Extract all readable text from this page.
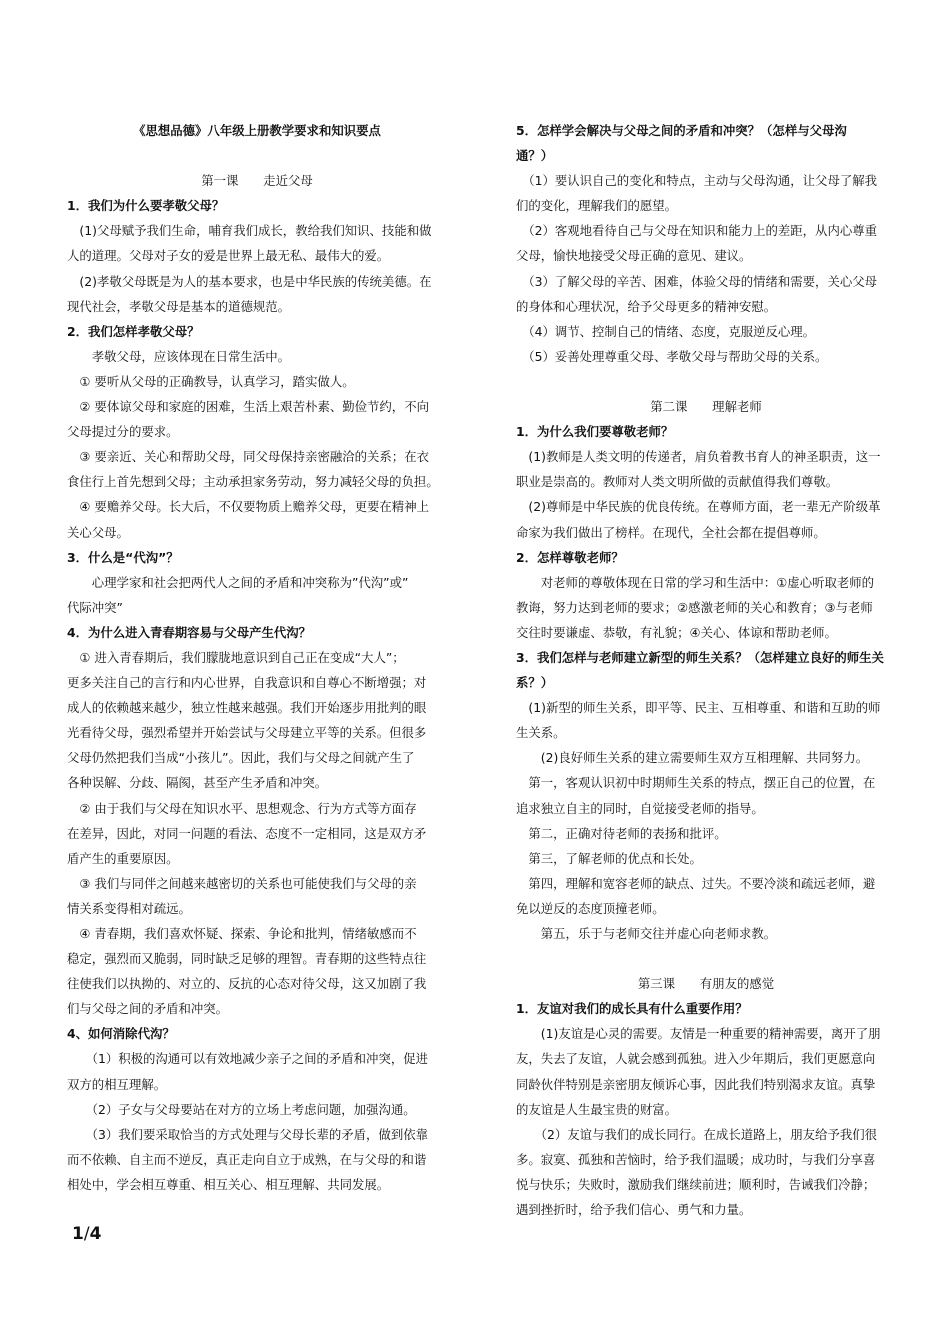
《思想品德》八年级上册教学要求和知识要点
第一课　　走近父母
1．我们为什么要孝敬父母？
　(1)父母赋予我们生命，哺育我们成长，教给我们知识、技能和做
人的道理。父母对子女的爱是世界上最无私、最伟大的爱。
　(2)孝敬父母既是为人的基本要求，也是中华民族的传统美德。在
现代社会，孝敬父母是基本的道德规范。
2．我们怎样孝敬父母？
　　孝敬父母，应该体现在日常生活中。
　① 要听从父母的正确教导，认真学习，踏实做人。
　② 要体谅父母和家庭的困难，生活上艰苦朴素、勤俭节约，不向
父母提过分的要求。
　③ 要亲近、关心和帮助父母，同父母保持亲密融洽的关系；在衣
食住行上首先想到父母；主动承担家务劳动，努力减轻父母的负担。
　④ 要赡养父母。长大后，不仅要物质上赡养父母，更要在精神上
关心父母。
3．什么是“代沟”？
　　心理学家和社会把两代人之间的矛盾和冲突称为”代沟”或”
代际冲突”
4．为什么进入青春期容易与父母产生代沟？
　① 进入青春期后，我们朦胧地意识到自己正在变成“大人”；
更多关注自己的言行和内心世界，自我意识和自尊心不断增强；对
成人的依赖越来越少，独立性越来越强。我们开始逐步用批判的眼
光看待父母，强烈希望并开始尝试与父母建立平等的关系。但很多
父母仍然把我们当成“小孩儿”。因此，我们与父母之间就产生了
各种误解、分歧、隔阂，甚至产生矛盾和冲突。
　② 由于我们与父母在知识水平、思想观念、行为方式等方面存
在差异，因此，对同一问题的看法、态度不一定相同，这是双方矛
盾产生的重要原因。
　③ 我们与同伴之间越来越密切的关系也可能使我们与父母的亲
情关系变得相对疏远。
　④ 青春期，我们喜欢怀疑、探索、争论和批判，情绪敏感而不
稳定，强烈而又脆弱，同时缺乏足够的理智。青春期的这些特点往
往使我们以执拗的、对立的、反抗的心态对待父母，这又加剧了我
们与父母之间的矛盾和冲突。
4、如何消除代沟？
　　（1）积极的沟通可以有效地减少亲子之间的矛盾和冲突，促进
双方的相互理解。
　　（2）子女与父母要站在对方的立场上考虑问题，加强沟通。
　　（3）我们要采取恰当的方式处理与父母长辈的矛盾，做到依靠
而不依赖、自主而不逆反，真正走向自立于成熟，在与父母的和谐
相处中，学会相互尊重、相互关心、相互理解、共同发展。
5．怎样学会解决与父母之间的矛盾和冲突？（怎样与父母沟
通？）
　（1）要认识自己的变化和特点，主动与父母沟通，让父母了解我
们的变化，理解我们的愿望。
　（2）客观地看待自己与父母在知识和能力上的差距，从内心尊重
父母，愉快地接受父母正确的意见、建议。
　（3）了解父母的辛苦、困难，体验父母的情绪和需要，关心父母
的身体和心理状况，给予父母更多的精神安慰。
　（4）调节、控制自己的情绪、态度，克服逆反心理。
　（5）妥善处理尊重父母、孝敬父母与帮助父母的关系。
第二课　　理解老师
1．为什么我们要尊敬老师？
　(1)教师是人类文明的传递者，肩负着教书育人的神圣职责，这一
职业是崇高的。教师对人类文明所做的贡献值得我们尊敬。
　(2)尊师是中华民族的优良传统。在尊师方面，老一辈无产阶级革
命家为我们做出了榜样。在现代，全社会都在提倡尊师。
2．怎样尊敬老师？
　　对老师的尊敬体现在日常的学习和生活中：①虚心听取老师的
教诲，努力达到老师的要求；②感激老师的关心和教育；③与老师
交往时要谦虚、恭敬，有礼貌；④关心、体谅和帮助老师。
3．我们怎样与老师建立新型的师生关系？（怎样建立良好的师生关
系？）
　(1)新型的师生关系，即平等、民主、互相尊重、和谐和互助的师
生关系。
　　(2)良好师生关系的建立需要师生双方互相理解、共同努力。
　第一，客观认识初中时期师生关系的特点，摆正自己的位置，在
追求独立自主的同时，自觉接受老师的指导。
　第二，正确对待老师的表扬和批评。
　第三，了解老师的优点和长处。
　第四，理解和宽容老师的缺点、过失。不要冷淡和疏远老师，避
免以逆反的态度顶撞老师。
　　第五，乐于与老师交往并虚心向老师求教。
第三课　　有朋友的感觉
1．友谊对我们的成长具有什么重要作用？
　　(1)友谊是心灵的需要。友情是一种重要的精神需要，离开了朋
友，失去了友谊，人就会感到孤独。进入少年期后，我们更愿意向
同龄伙伴特别是亲密朋友倾诉心事，因此我们特别渴求友谊。真挚
的友谊是人生最宝贵的财富。
　　（2）友谊与我们的成长同行。在成长道路上，朋友给予我们很
多。寂寞、孤独和苦恼时，给予我们温暖；成功时，与我们分享喜
悦与快乐；失败时，激励我们继续前进；顺利时，告诫我们冷静；
遇到挫折时，给予我们信心、勇气和力量。
1/4
